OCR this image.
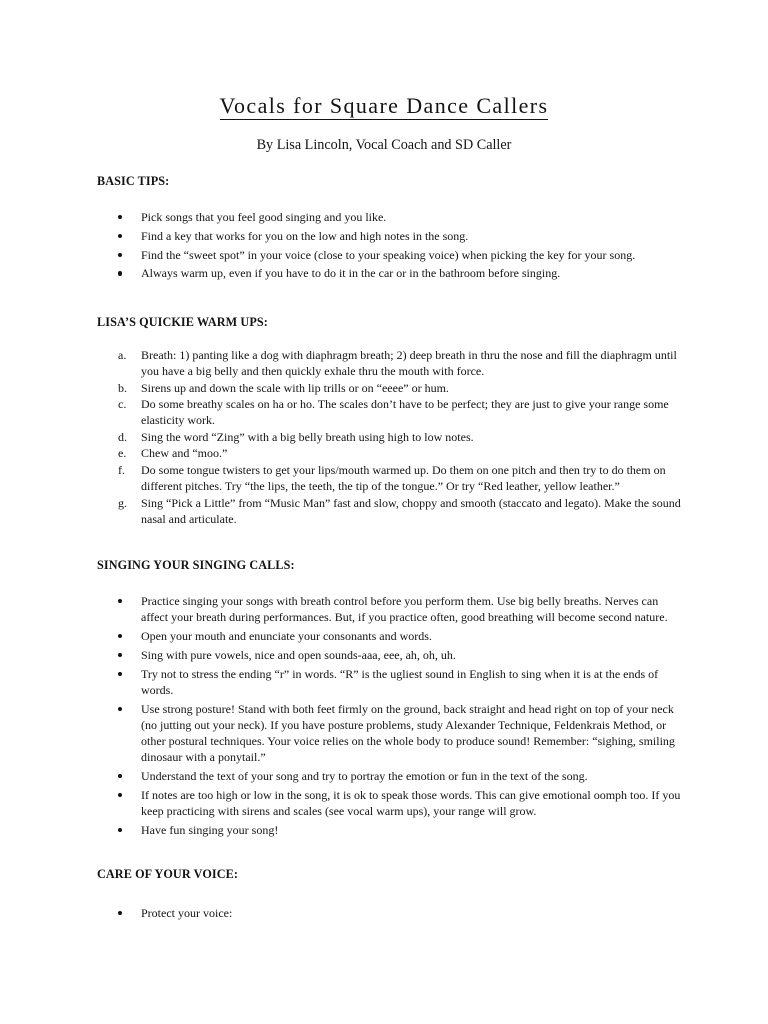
Vocals for Square Dance Callers
By Lisa Lincoln, Vocal Coach and SD Caller
BASIC TIPS:
Pick songs that you feel good singing and you like.
Find a key that works for you on the low and high notes in the song.
Find the “sweet spot” in your voice (close to your speaking voice) when picking the key for your song.
Always warm up, even if you have to do it in the car or in the bathroom before singing.
LISA’S QUICKIE WARM UPS:
a. Breath: 1) panting like a dog with diaphragm breath; 2) deep breath in thru the nose and fill the diaphragm until you have a big belly and then quickly exhale thru the mouth with force.
b. Sirens up and down the scale with lip trills or on “eeee” or hum.
c. Do some breathy scales on ha or ho. The scales don’t have to be perfect; they are just to give your range some elasticity work.
d. Sing the word “Zing” with a big belly breath using high to low notes.
e. Chew and “moo.”
f. Do some tongue twisters to get your lips/mouth warmed up. Do them on one pitch and then try to do them on different pitches. Try “the lips, the teeth, the tip of the tongue.” Or try “Red leather, yellow leather.”
g. Sing “Pick a Little” from “Music Man” fast and slow, choppy and smooth (staccato and legato). Make the sound nasal and articulate.
SINGING YOUR SINGING CALLS:
Practice singing your songs with breath control before you perform them. Use big belly breaths. Nerves can affect your breath during performances. But, if you practice often, good breathing will become second nature.
Open your mouth and enunciate your consonants and words.
Sing with pure vowels, nice and open sounds-aaa, eee, ah, oh, uh.
Try not to stress the ending “r” in words. “R” is the ugliest sound in English to sing when it is at the ends of words.
Use strong posture! Stand with both feet firmly on the ground, back straight and head right on top of your neck (no jutting out your neck). If you have posture problems, study Alexander Technique, Feldenkrais Method, or other postural techniques. Your voice relies on the whole body to produce sound! Remember: “sighing, smiling dinosaur with a ponytail.”
Understand the text of your song and try to portray the emotion or fun in the text of the song.
If notes are too high or low in the song, it is ok to speak those words. This can give emotional oomph too. If you keep practicing with sirens and scales (see vocal warm ups), your range will grow.
Have fun singing your song!
CARE OF YOUR VOICE:
Protect your voice:
